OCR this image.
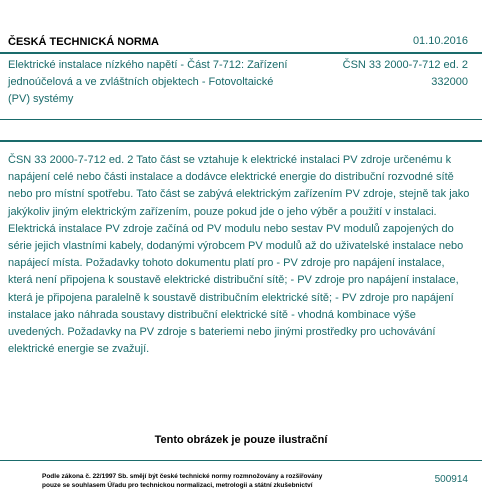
ČESKÁ TECHNICKÁ NORMA	01.10.2016
Elektrické instalace nízkého napětí - Část 7-712: Zařízení jednoúčelová a ve zvláštních objektech - Fotovoltaické (PV) systémy
ČSN 33 2000-7-712 ed. 2
332000
ČSN 33 2000-7-712 ed. 2 Tato část se vztahuje k elektrické instalaci PV zdroje určenému k napájení celé nebo části instalace a dodávce elektrické energie do distribuční rozvodné sítě nebo pro místní spotřebu. Tato část se zabývá elektrickým zařízením PV zdroje, stejně tak jako jakýkoliv jiným elektrickým zařízením, pouze pokud jde o jeho výběr a použití v instalaci. Elektrická instalace PV zdroje začíná od PV modulu nebo sestav PV modulů zapojených do série jejich vlastními kabely, dodanými výrobcem PV modulů až do uživatelské instalace nebo napájecí místa. Požadavky tohoto dokumentu platí pro - PV zdroje pro napájení instalace, která není připojena k soustavě elektrické distribuční sítě; - PV zdroje pro napájení instalace, která je připojena paralelně k soustavě distribučním elektrické sítě; - PV zdroje pro napájení instalace jako náhrada soustavy distribuční elektrické sítě - vhodná kombinace výše uvedených. Požadavky na PV zdroje s bateriemi nebo jinými prostředky pro uchovávání elektrické energie se zvažují.
Tento obrázek je pouze ilustrační
Podle zákona č. 22/1997 Sb. smějí být české technické normy rozmnožovány a rozšiřovány
pouze se souhlasem Úřadu pro technickou normalizaci, metrologii a státní zkušebnictví
500914
